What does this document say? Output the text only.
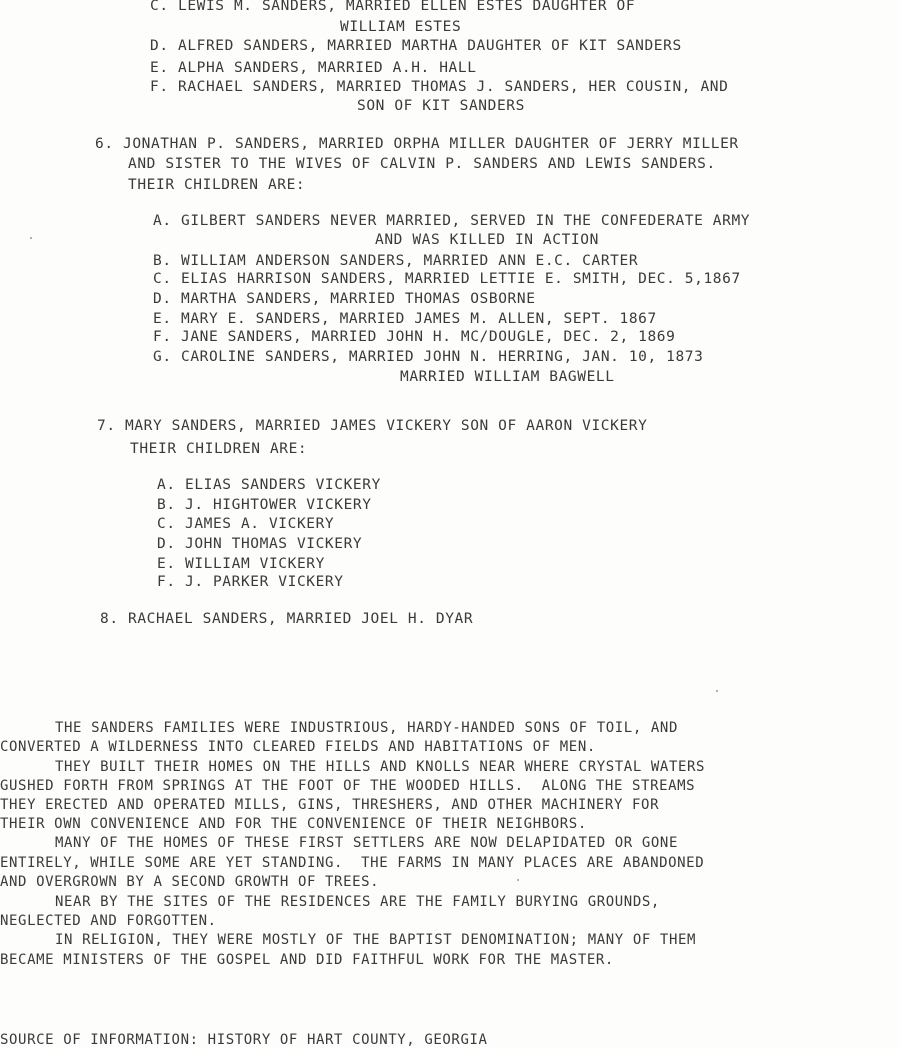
C. LEWIS M. SANDERS, MARRIED ELLEN ESTES DAUGHTER OF
WILLIAM ESTES
D. ALFRED SANDERS, MARRIED MARTHA DAUGHTER OF KIT SANDERS
E. ALPHA SANDERS, MARRIED A.H. HALL
F. RACHAEL SANDERS, MARRIED THOMAS J. SANDERS, HER COUSIN, AND
SON OF KIT SANDERS
6. JONATHAN P. SANDERS, MARRIED ORPHA MILLER DAUGHTER OF JERRY MILLER
AND SISTER TO THE WIVES OF CALVIN P. SANDERS AND LEWIS SANDERS.
THEIR CHILDREN ARE:
A. GILBERT SANDERS NEVER MARRIED, SERVED IN THE CONFEDERATE ARMY
AND WAS KILLED IN ACTION
B. WILLIAM ANDERSON SANDERS, MARRIED ANN E.C. CARTER
C. ELIAS HARRISON SANDERS, MARRIED LETTIE E. SMITH, DEC. 5,1867
D. MARTHA SANDERS, MARRIED THOMAS OSBORNE
E. MARY E. SANDERS, MARRIED JAMES M. ALLEN, SEPT. 1867
F. JANE SANDERS, MARRIED JOHN H. MC/DOUGLE, DEC. 2, 1869
G. CAROLINE SANDERS, MARRIED JOHN N. HERRING, JAN. 10, 1873
MARRIED WILLIAM BAGWELL
7. MARY SANDERS, MARRIED JAMES VICKERY SON OF AARON VICKERY
THEIR CHILDREN ARE:
A. ELIAS SANDERS VICKERY
B. J. HIGHTOWER VICKERY
C. JAMES A. VICKERY
D. JOHN THOMAS VICKERY
E. WILLIAM VICKERY
F. J. PARKER VICKERY
8. RACHAEL SANDERS, MARRIED JOEL H. DYAR
THE SANDERS FAMILIES WERE INDUSTRIOUS, HARDY-HANDED SONS OF TOIL, AND
CONVERTED A WILDERNESS INTO CLEARED FIELDS AND HABITATIONS OF MEN.
THEY BUILT THEIR HOMES ON THE HILLS AND KNOLLS NEAR WHERE CRYSTAL WATERS
GUSHED FORTH FROM SPRINGS AT THE FOOT OF THE WOODED HILLS.  ALONG THE STREAMS
THEY ERECTED AND OPERATED MILLS, GINS, THRESHERS, AND OTHER MACHINERY FOR
THEIR OWN CONVENIENCE AND FOR THE CONVENIENCE OF THEIR NEIGHBORS.
MANY OF THE HOMES OF THESE FIRST SETTLERS ARE NOW DELAPIDATED OR GONE
ENTIRELY, WHILE SOME ARE YET STANDING.  THE FARMS IN MANY PLACES ARE ABANDONED
AND OVERGROWN BY A SECOND GROWTH OF TREES.
NEAR BY THE SITES OF THE RESIDENCES ARE THE FAMILY BURYING GROUNDS,
NEGLECTED AND FORGOTTEN.
IN RELIGION, THEY WERE MOSTLY OF THE BAPTIST DENOMINATION; MANY OF THEM
BECAME MINISTERS OF THE GOSPEL AND DID FAITHFUL WORK FOR THE MASTER.
SOURCE OF INFORMATION: HISTORY OF HART COUNTY, GEORGIA
